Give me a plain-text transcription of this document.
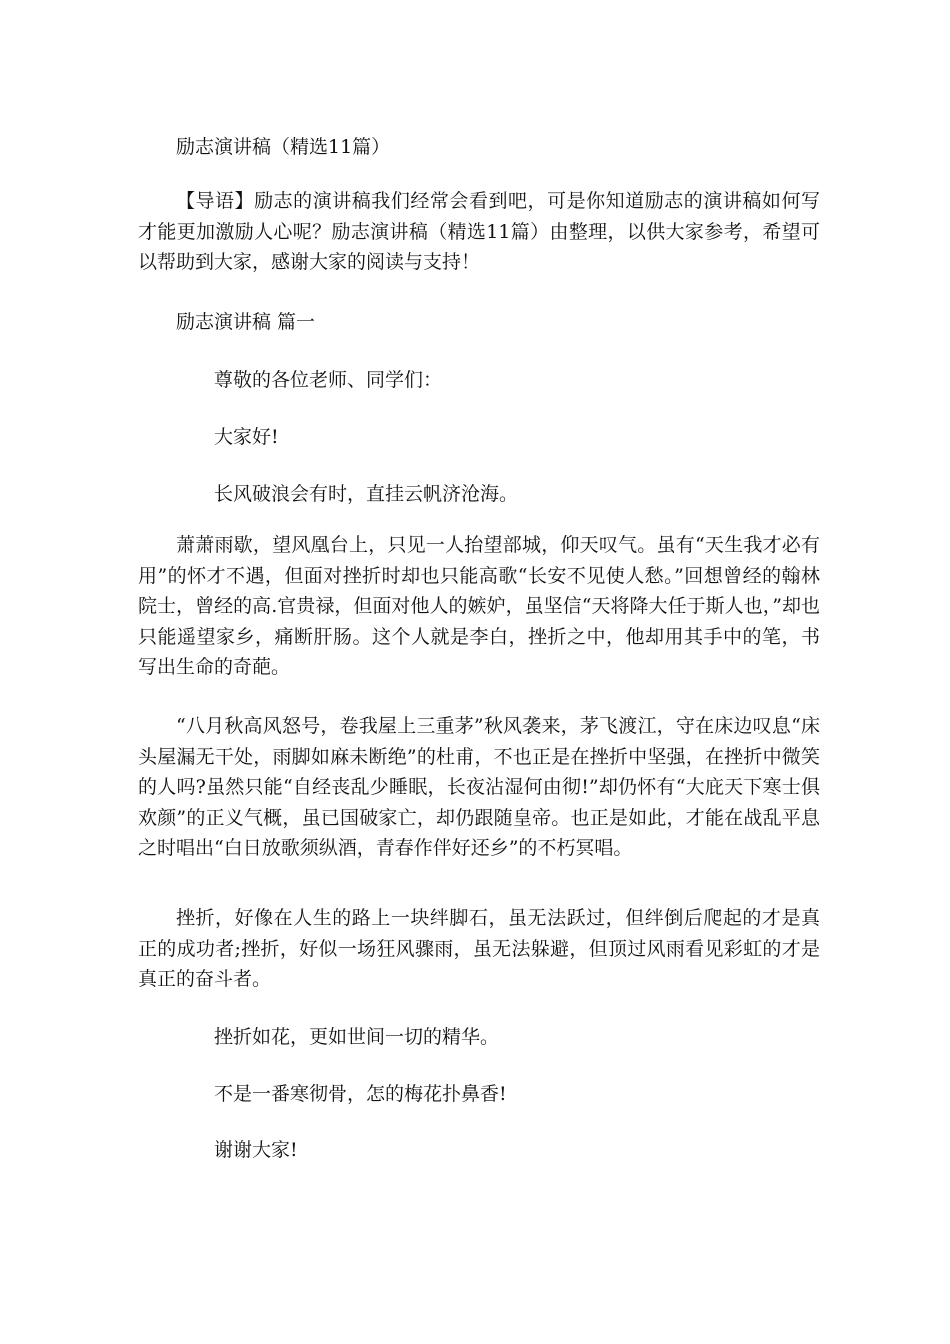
励志演讲稿（精选11篇）

【导语】励志的演讲稿我们经常会看到吧，可是你知道励志的演讲稿如何写才能更加激励人心呢？励志演讲稿（精选11篇）由整理，以供大家参考，希望可以帮助到大家，感谢大家的阅读与支持！

励志演讲稿 篇一

尊敬的各位老师、同学们：

大家好!

长风破浪会有时，直挂云帆济沧海。

萧萧雨歇，望风凰台上，只见一人抬望部城，仰天叹气。虽有“天生我才必有用”的怀才不遇，但面对挫折时却也只能高歌“长安不见使人愁。”回想曾经的翰林院士，曾经的高.官贵禄，但面对他人的嫉妒，虽坚信“天将降大任于斯人也，”却也只能遥望家乡，痛断肝肠。这个人就是李白，挫折之中，他却用其手中的笔，书写出生命的奇葩。

“八月秋高风怒号，卷我屋上三重茅”秋风袭来，茅飞渡江，守在床边叹息“床头屋漏无干处，雨脚如麻未断绝”的杜甫，不也正是在挫折中坚强，在挫折中微笑的人吗?虽然只能“自经丧乱少睡眠，长夜沾湿何由彻!”却仍怀有“大庇天下寒士俱欢颜”的正义气概，虽已国破家亡，却仍跟随皇帝。也正是如此，才能在战乱平息之时唱出“白日放歌须纵酒，青春作伴好还乡”的不朽冥唱。

挫折，好像在人生的路上一块绊脚石，虽无法跃过，但绊倒后爬起的才是真正的成功者;挫折，好似一场狂风骤雨，虽无法躲避，但顶过风雨看见彩虹的才是真正的奋斗者。

挫折如花，更如世间一切的精华。

不是一番寒彻骨，怎的梅花扑鼻香!

谢谢大家!
